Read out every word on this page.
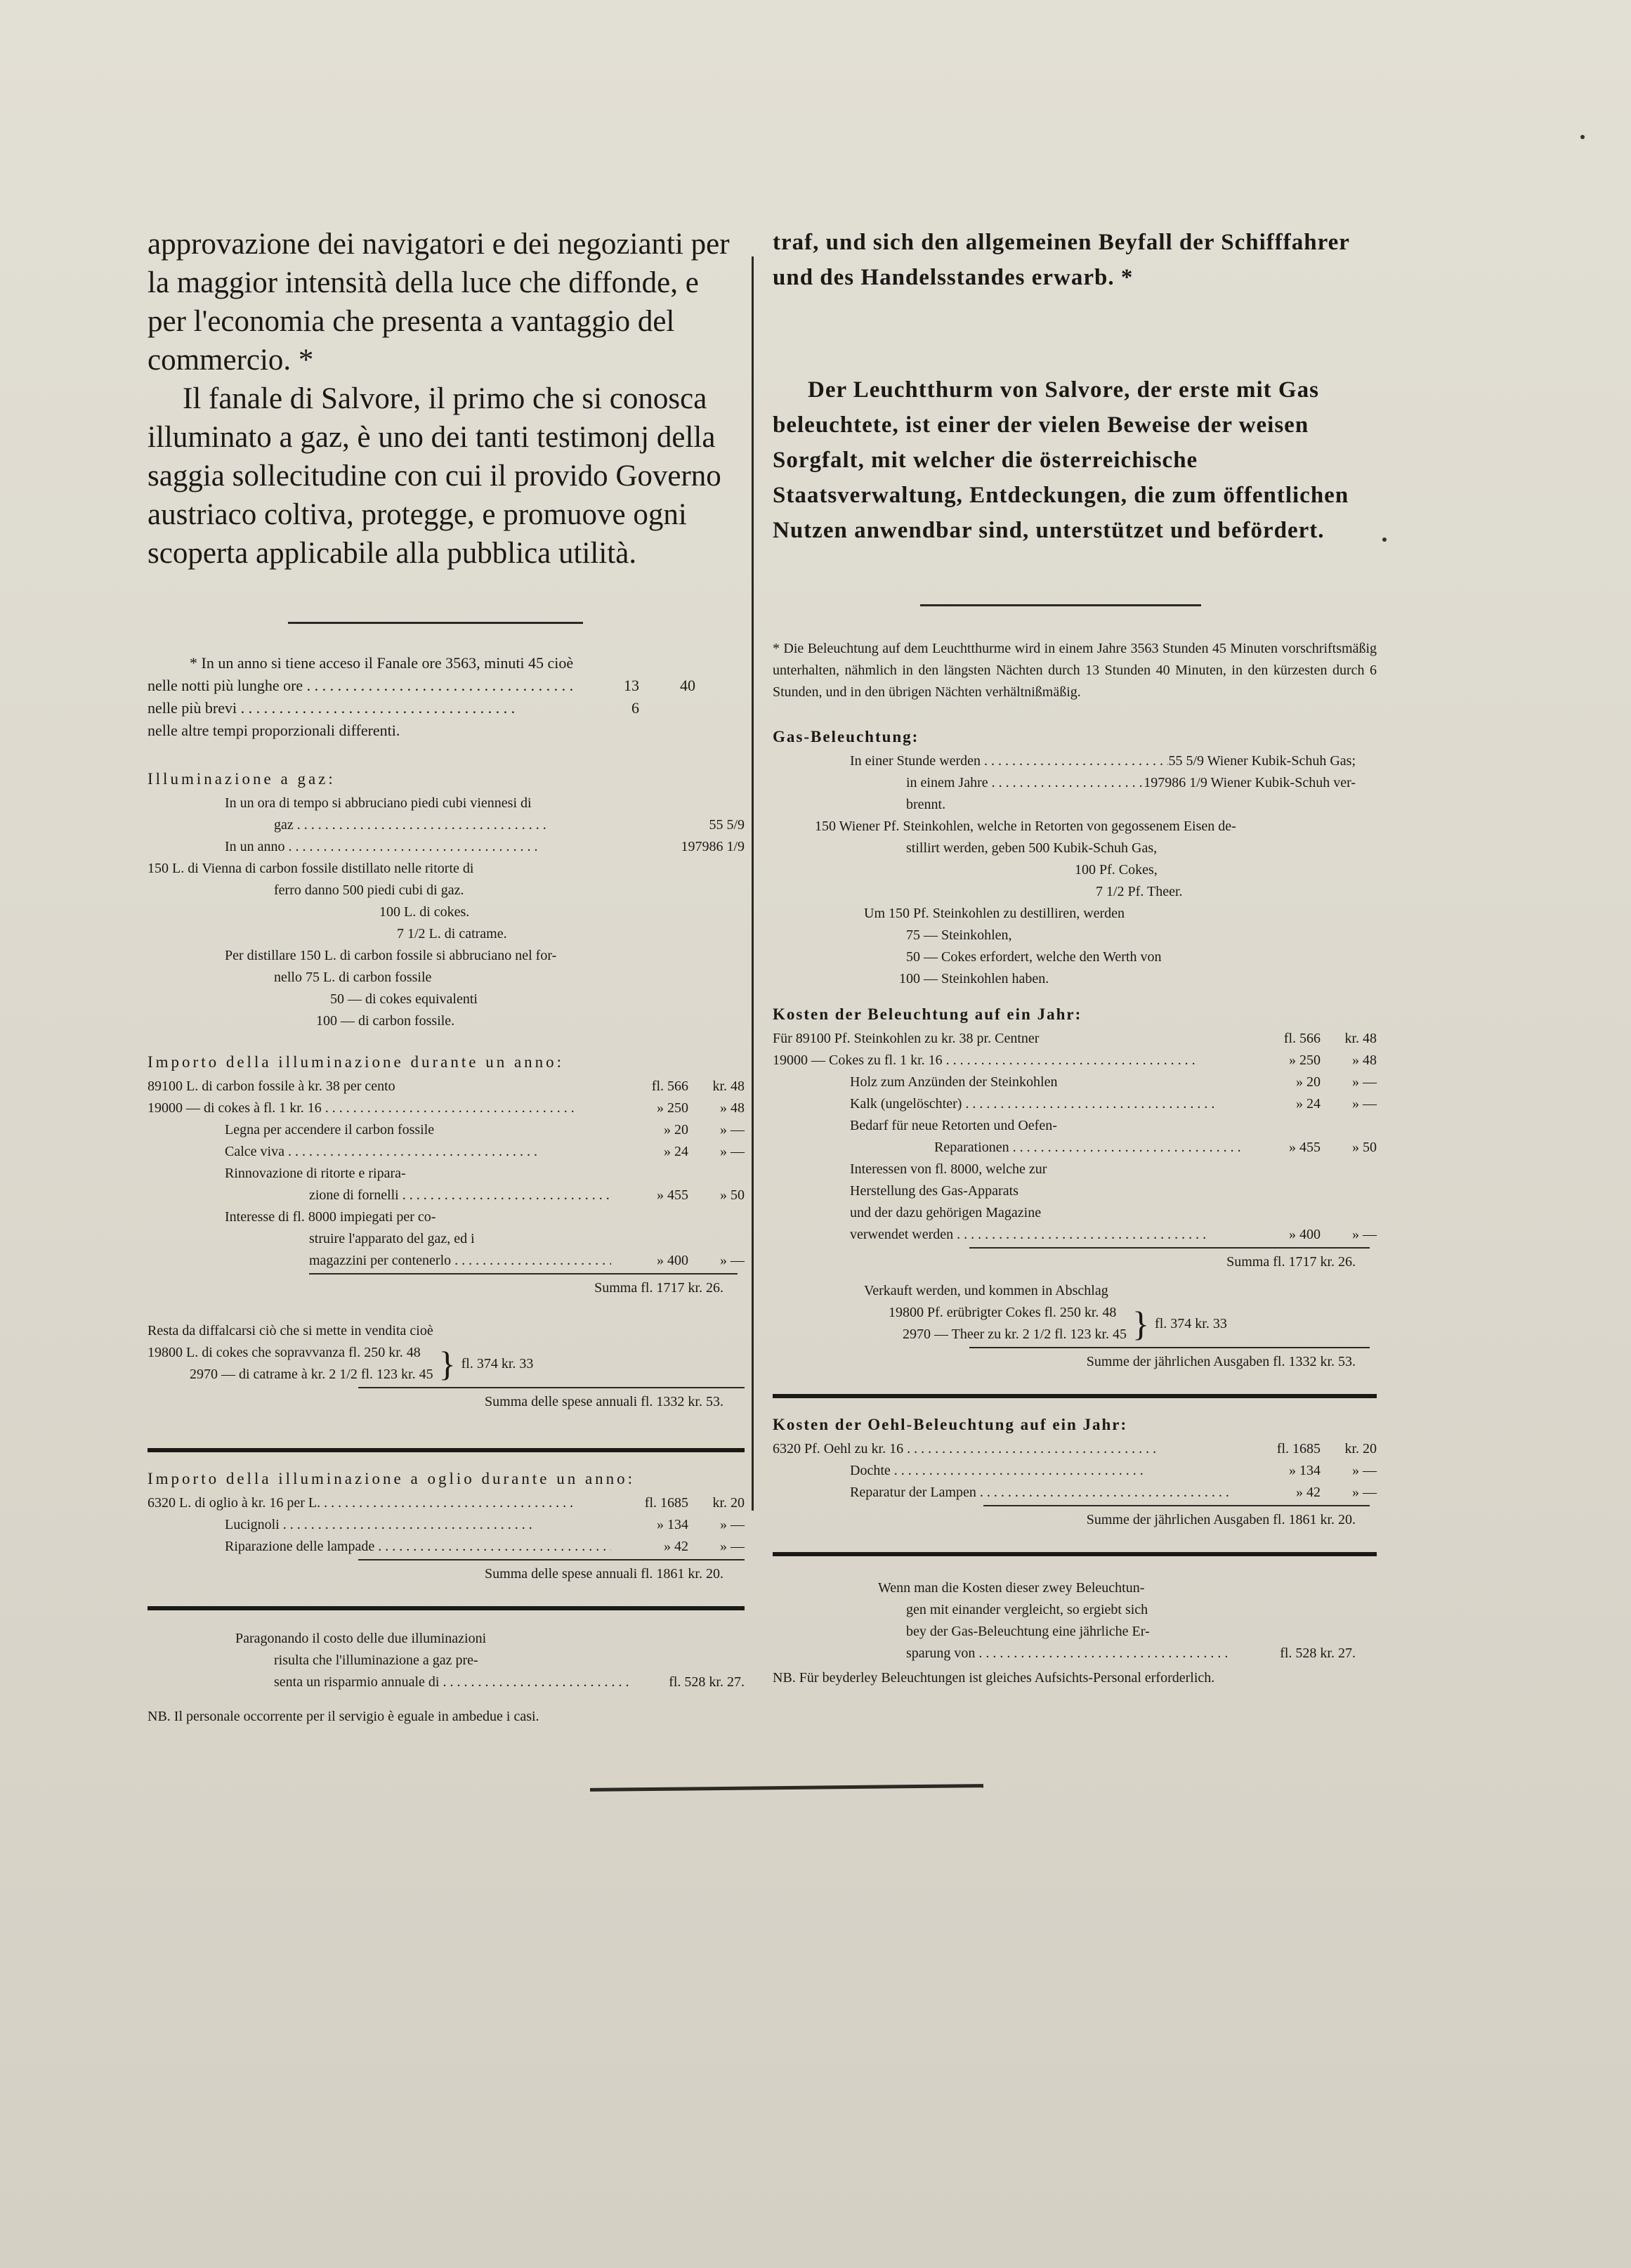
approvazione dei navigatori e dei negozianti per la maggior intensità della luce che diffonde, e per l'economia che presenta a vantaggio del commercio. *

Il fanale di Salvore, il primo che si conosca illuminato a gaz, è uno dei tanti testimonj della saggia sollecitudine con cui il provido Governo austriaco coltiva, protegge, e promuove ogni scoperta applicabile alla pubblica utilità.

* In un anno si tiene acceso il Fanale ore 3563, minuti 45 cioè
nelle notti più lunghe ore . . .	13	40
nelle più brevi . . .	6
nelle altre tempi proporzionali differenti.
Illuminazione a gaz:
In un ora di tempo si abbruciano piedi cubi viennesi di
gaz . . .	55 5/9
In un anno . . .	197986 1/9
150 L. di Vienna di carbon fossile distillato nelle ritorte di
ferro danno 500 piedi cubi di gaz.
100 L. di cokes.
7 1/2 L. di catrame.
Per distillare 150 L. di carbon fossile si abbruciano nel for-
nello 75 L. di carbon fossile
50 — di cokes equivalenti
100 — di carbon fossile.
Importo della illuminazione durante un anno:
89100 L. di carbon fossile à kr. 38 per cento	fl. 566	kr. 48
19000 — di cokes à fl. 1 kr. 16 . . .	» 250	» 48
Legna per accendere il carbon fossile	» 20	» —
Calce viva . . .	» 24	» —
Rinnovazione di ritorte e ripara-
zione di fornelli . . .	» 455	» 50
Interesse di fl. 8000 impiegati per co-
struire l'apparato del gaz, ed i
magazzini per contenerlo . . .	» 400	» —
Summa fl. 1717 kr. 26.
Resta da diffalcarsi ciò che si mette in vendita cioè
19800 L. di cokes che sopravvanza fl. 250 kr. 48
2970 — di catrame à kr. 2 1/2 fl. 123 kr. 45 } fl. 374 kr. 33
Summa delle spese annuali fl. 1332 kr. 53.
Importo della illuminazione a oglio durante un anno:
6320 L. di oglio à kr. 16 per L. . . .	fl. 1685	kr. 20
Lucignoli . . .	» 134	» —
Riparazione delle lampade . . .	» 42	» —
Summa delle spese annuali fl. 1861 kr. 20.
Paragonando il costo delle due illuminazioni
risulta che l'illuminazione a gaz pre-
senta un risparmio annuale di . . .	fl. 528 kr. 27.
NB. Il personale occorrente per il servigio è eguale in ambedue i casi.

traf, und sich den allgemeinen Beyfall der Schifffahrer und des Handelsstandes erwarb. *

Der Leuchtthurm von Salvore, der erste mit Gas beleuchtete, ist einer der vielen Beweise der weisen Sorgfalt, mit welcher die österreichische Staatsverwaltung, Entdeckungen, die zum öffentlichen Nutzen anwendbar sind, unterstützet und befördert.

* Die Beleuchtung auf dem Leuchtthurme wird in einem Jahre 3563 Stunden 45 Minuten vorschriftsmäßig unterhalten, nähmlich in den längsten Nächten durch 13 Stunden 40 Minuten, in den kürzesten durch 6 Stunden, und in den übrigen Nächten verhältnißmäßig.
Gas-Beleuchtung:
In einer Stunde werden . . .	55 5/9 Wiener Kubik-Schuh Gas;
in einem Jahre . . .	197986 1/9 Wiener Kubik-Schuh ver-
brennt.
150 Wiener Pf. Steinkohlen, welche in Retorten von gegossenem Eisen de-
stillirt werden, geben 500 Kubik-Schuh Gas,
100 Pf. Cokes,
7 1/2 Pf. Theer.
Um 150 Pf. Steinkohlen zu destilliren, werden
75 — Steinkohlen,
50 — Cokes erfordert, welche den Werth von
100 — Steinkohlen haben.
Kosten der Beleuchtung auf ein Jahr:
Für 89100 Pf. Steinkohlen zu kr. 38 pr. Centner	fl. 566	kr. 48
19000 — Cokes zu fl. 1 kr. 16 . . .	» 250	» 48
Holz zum Anzünden der Steinkohlen	» 20	» —
Kalk (ungelöschter) . . .	» 24	» —
Bedarf für neue Retorten und Oefen-
Reparationen . . .	» 455	» 50
Interessen von fl. 8000, welche zur
Herstellung des Gas-Apparats
und der dazu gehörigen Magazine
verwendet werden . . .	» 400	» —
Summa fl. 1717 kr. 26.
Verkauft werden, und kommen in Abschlag
19800 Pf. erübrigter Cokes fl. 250 kr. 48
2970 — Theer zu kr. 2 1/2 fl. 123 kr. 45 } fl. 374 kr. 33
Summe der jährlichen Ausgaben fl. 1332 kr. 53.
Kosten der Oehl-Beleuchtung auf ein Jahr:
6320 Pf. Oehl zu kr. 16 . . .	fl. 1685	kr. 20
Dochte . . .	» 134	» —
Reparatur der Lampen . . .	» 42	» —
Summe der jährlichen Ausgaben fl. 1861 kr. 20.
Wenn man die Kosten dieser zwey Beleuchtun-
gen mit einander vergleicht, so ergiebt sich
bey der Gas-Beleuchtung eine jährliche Er-
sparung von . . .	fl. 528 kr. 27.
NB. Für beyderley Beleuchtungen ist gleiches Aufsichts-Personal erforderlich.
